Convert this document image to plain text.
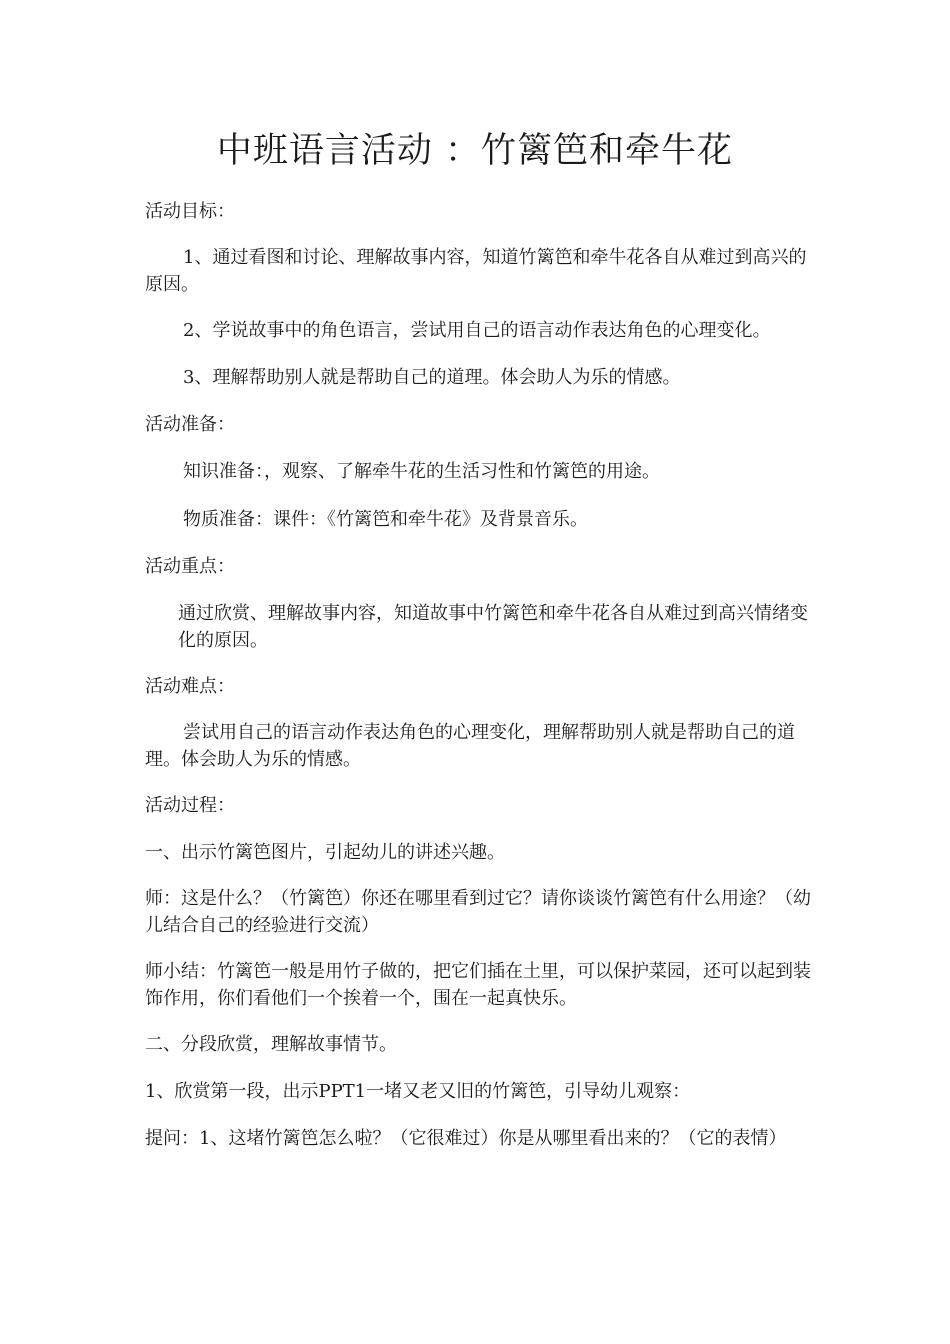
中班语言活动 ：竹篱笆和牵牛花

活动目标：

1、通过看图和讨论、理解故事内容，知道竹篱笆和牵牛花各自从难过到高兴的原因。

2、学说故事中的角色语言，尝试用自己的语言动作表达角色的心理变化。

3、理解帮助别人就是帮助自己的道理。体会助人为乐的情感。

活动准备：

知识准备：，观察、了解牵牛花的生活习性和竹篱笆的用途。

物质准备：课件：《竹篱笆和牵牛花》及背景音乐。

活动重点：

通过欣赏、理解故事内容，知道故事中竹篱笆和牵牛花各自从难过到高兴情绪变化的原因。

活动难点：

尝试用自己的语言动作表达角色的心理变化，理解帮助别人就是帮助自己的道理。体会助人为乐的情感。

活动过程：

一、出示竹篱笆图片，引起幼儿的讲述兴趣。

师：这是什么？（竹篱笆）你还在哪里看到过它？请你谈谈竹篱笆有什么用途？（幼儿结合自己的经验进行交流）

师小结：竹篱笆一般是用竹子做的，把它们插在土里，可以保护菜园，还可以起到装饰作用，你们看他们一个挨着一个，围在一起真快乐。

二、分段欣赏，理解故事情节。

1、欣赏第一段，出示PPT1一堵又老又旧的竹篱笆，引导幼儿观察：

提问：1、这堵竹篱笆怎么啦？（它很难过）你是从哪里看出来的？（它的表情）
